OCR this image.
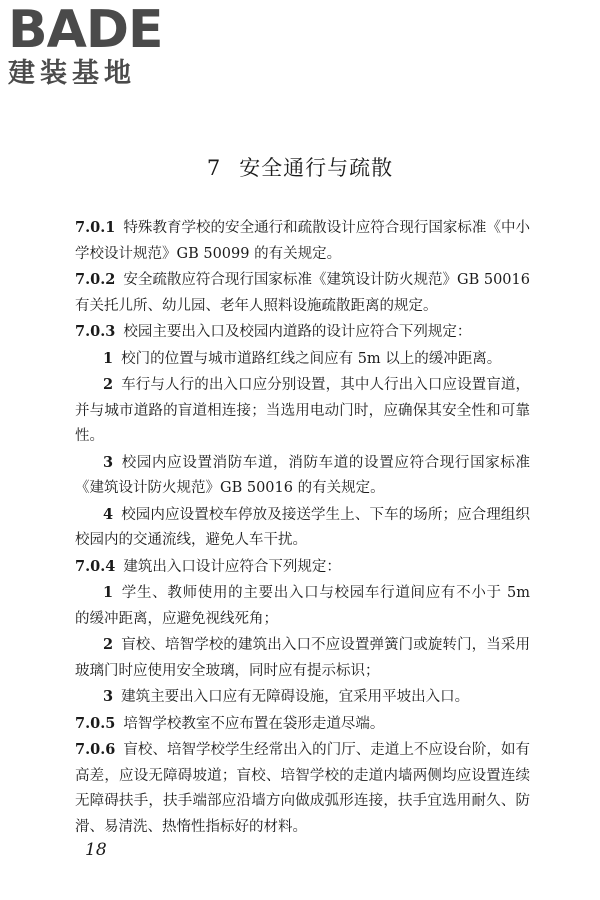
BADE
建装基地
7 安全通行与疏散

7.0.1 特殊教育学校的安全通行和疏散设计应符合现行国家标准《中小学校设计规范》GB 50099 的有关规定。

7.0.2 安全疏散应符合现行国家标准《建筑设计防火规范》GB 50016 有关托儿所、幼儿园、老年人照料设施疏散距离的规定。

7.0.3 校园主要出入口及校园内道路的设计应符合下列规定：

1 校门的位置与城市道路红线之间应有 5m 以上的缓冲距离。

2 车行与人行的出入口应分别设置，其中人行出入口应设置盲道，并与城市道路的盲道相连接；当选用电动门时，应确保其安全性和可靠性。

3 校园内应设置消防车道，消防车道的设置应符合现行国家标准《建筑设计防火规范》GB 50016 的有关规定。

4 校园内应设置校车停放及接送学生上、下车的场所；应合理组织校园内的交通流线，避免人车干扰。

7.0.4 建筑出入口设计应符合下列规定：

1 学生、教师使用的主要出入口与校园车行道间应有不小于 5m 的缓冲距离，应避免视线死角；

2 盲校、培智学校的建筑出入口不应设置弹簧门或旋转门，当采用玻璃门时应使用安全玻璃，同时应有提示标识；

3 建筑主要出入口应有无障碍设施，宜采用平坡出入口。

7.0.5 培智学校教室不应布置在袋形走道尽端。

7.0.6 盲校、培智学校学生经常出入的门厅、走道上不应设台阶，如有高差，应设无障碍坡道；盲校、培智学校的走道内墙两侧均应设置连续无障碍扶手，扶手端部应沿墙方向做成弧形连接，扶手宜选用耐久、防滑、易清洗、热惰性指标好的材料。

18
